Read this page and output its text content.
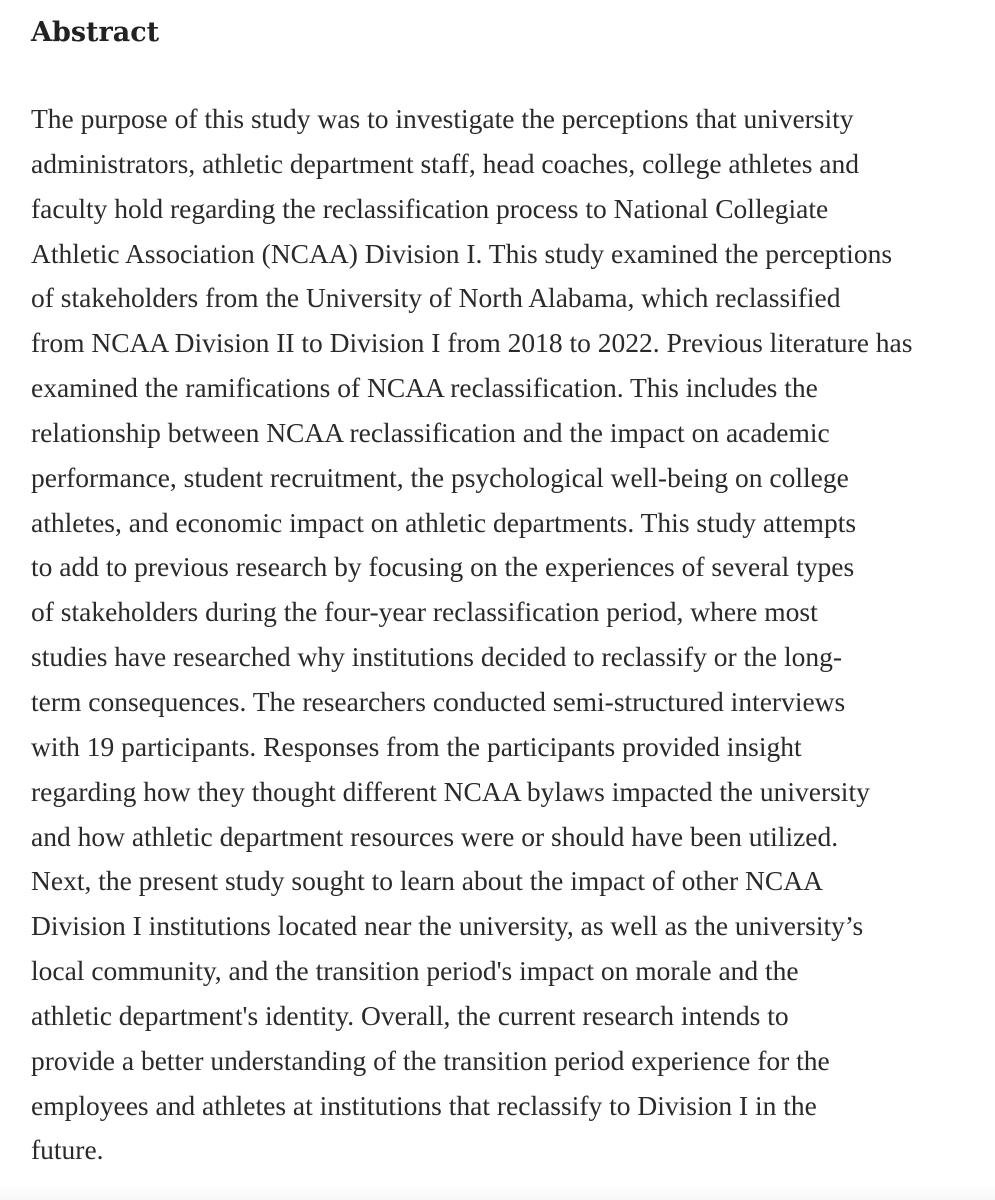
Abstract

The purpose of this study was to investigate the perceptions that university
administrators, athletic department staff, head coaches, college athletes and
faculty hold regarding the reclassification process to National Collegiate
Athletic Association (NCAA) Division I. This study examined the perceptions
of stakeholders from the University of North Alabama, which reclassified
from NCAA Division II to Division I from 2018 to 2022. Previous literature has
examined the ramifications of NCAA reclassification. This includes the
relationship between NCAA reclassification and the impact on academic
performance, student recruitment, the psychological well-being on college
athletes, and economic impact on athletic departments. This study attempts
to add to previous research by focusing on the experiences of several types
of stakeholders during the four-year reclassification period, where most
studies have researched why institutions decided to reclassify or the long-
term consequences. The researchers conducted semi-structured interviews
with 19 participants. Responses from the participants provided insight
regarding how they thought different NCAA bylaws impacted the university
and how athletic department resources were or should have been utilized.
Next, the present study sought to learn about the impact of other NCAA
Division I institutions located near the university, as well as the university’s
local community, and the transition period's impact on morale and the
athletic department's identity. Overall, the current research intends to
provide a better understanding of the transition period experience for the
employees and athletes at institutions that reclassify to Division I in the
future.
